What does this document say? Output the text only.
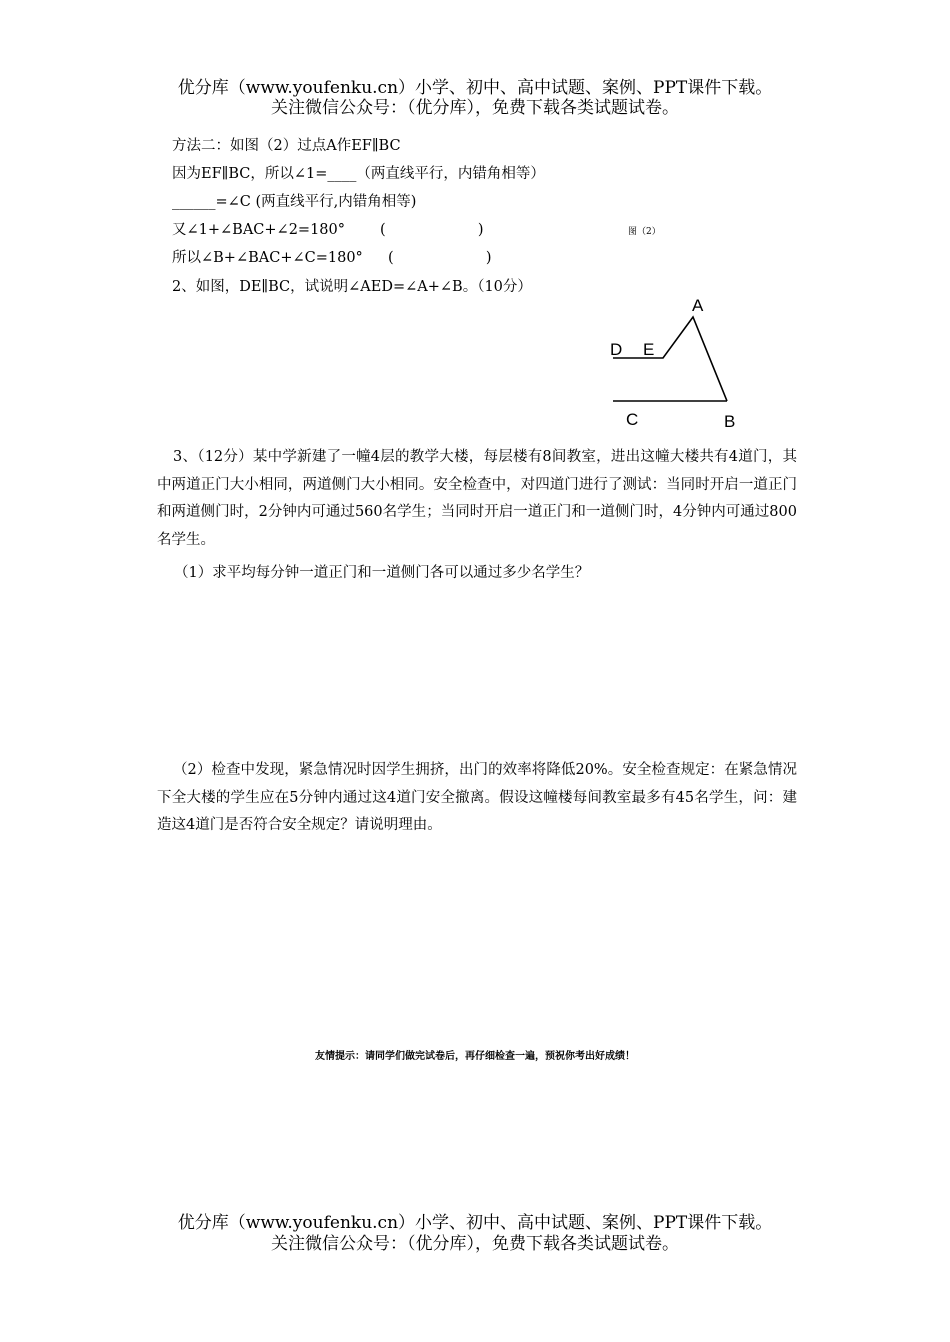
优分库（www.youfenku.cn）小学、初中、高中试题、案例、PPT课件下载。
关注微信公众号：（优分库），免费下载各类试题试卷。
方法二：如图（2）过点A作EF∥BC
因为EF∥BC，所以∠1=____（两直线平行，内错角相等）
______=∠C (两直线平行,内错角相等)
又∠1+∠BAC+∠2=180° (                    )	图（2）
所以∠B+∠BAC+∠C=180° (                    )
2、如图，DE∥BC，试说明∠AED=∠A+∠B。（10分）
A
D E
C	B

3、（12分）某中学新建了一幢4层的教学大楼，每层楼有8间教室，进出这幢大楼共有4道门，其中两道正门大小相同，两道侧门大小相同。安全检查中，对四道门进行了测试：当同时开启一道正门和两道侧门时，2分钟内可通过560名学生；当同时开启一道正门和一道侧门时，4分钟内可通过800名学生。

（1）求平均每分钟一道正门和一道侧门各可以通过多少名学生？

（2）检查中发现，紧急情况时因学生拥挤，出门的效率将降低20%。安全检查规定：在紧急情况下全大楼的学生应在5分钟内通过这4道门安全撤离。假设这幢楼每间教室最多有45名学生，问：建造这4道门是否符合安全规定？请说明理由。

友情提示：请同学们做完试卷后，再仔细检查一遍，预祝你考出好成绩！
优分库（www.youfenku.cn）小学、初中、高中试题、案例、PPT课件下载。
关注微信公众号：（优分库），免费下载各类试题试卷。
